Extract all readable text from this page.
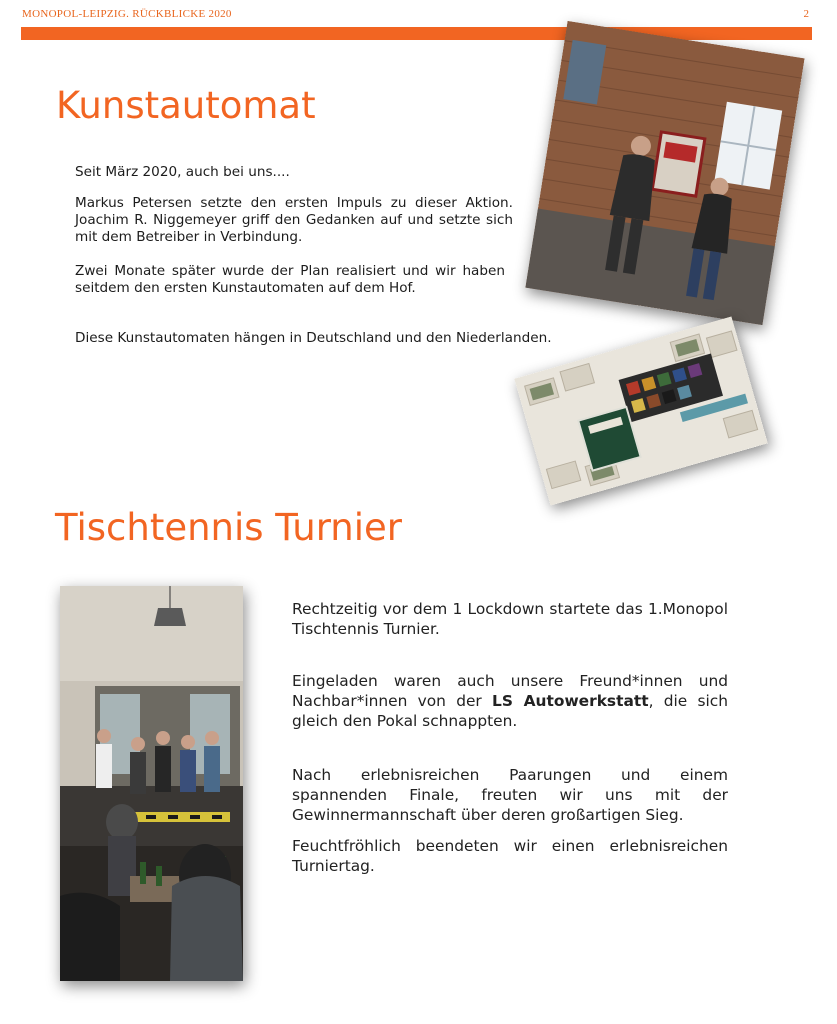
MONOPOL-LEIPZIG. RÜCKBLICKE 2020	2
Kunstautomat

Seit März 2020, auch bei uns....

Markus Petersen setzte den ersten Impuls zu dieser Aktion. Joachim R. Niggemeyer griff den Gedanken auf und setzte sich mit dem Betreiber in Verbindung.

Zwei Monate später wurde der Plan realisiert und wir haben seitdem den ersten Kunstautomaten auf dem Hof.

Diese Kunstautomaten hängen in Deutschland und den Niederlanden.

Tischtennis Turnier

Rechtzeitig vor dem 1 Lockdown startete das 1.Monopol Tischtennis Turnier.

Eingeladen waren auch unsere Freund*innen und Nachbar*innen von der LS Autowerkstatt, die sich gleich den Pokal schnappten.

Nach erlebnisreichen Paarungen und einem spannenden Finale, freuten wir uns mit der Gewinnermannschaft über deren großartigen Sieg.

Feuchtfröhlich beendeten wir einen erlebnisreichen Turniertag.
